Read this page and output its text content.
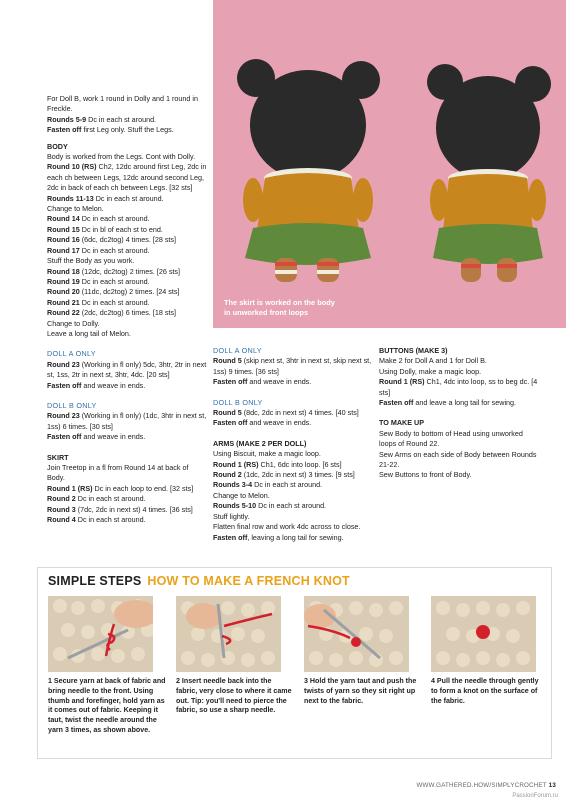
For Doll B, work 1 round in Dolly and 1 round in Freckle.

Rounds 5-9 Dc in each st around.

Fasten off first Leg only. Stuff the Legs.

BODY

Body is worked from the Legs. Cont with Dolly.

Round 10 (RS) Ch2, 12dc around first Leg, 2dc in each ch between Legs, 12dc around second Leg, 2dc in back of each ch between Legs. [32 sts]

Rounds 11-13 Dc in each st around.

Change to Melon.

Round 14 Dc in each st around.

Round 15 Dc in bl of each st to end.

Round 16 (6dc, dc2tog) 4 times. [28 sts]

Round 17 Dc in each st around.

Stuff the Body as you work.

Round 18 (12dc, dc2tog) 2 times. [26 sts]

Round 19 Dc in each st around.

Round 20 (11dc, dc2tog) 2 times. [24 sts]

Round 21 Dc in each st around.

Round 22 (2dc, dc2tog) 6 times. [18 sts]

Change to Dolly.

Leave a long tail of Melon.

DOLL A ONLY

Round 23 (Working in fl only) 5dc, 3htr, 2tr in next st, 1ss, 2tr in next st, 3htr, 4dc. [20 sts]

Fasten off and weave in ends.

DOLL B ONLY

Round 23 (Working in fl only) (1dc, 3htr in next st, 1ss) 6 times. [30 sts]

Fasten off and weave in ends.

SKIRT

Join Treetop in a fl from Round 14 at back of Body.

Round 1 (RS) Dc in each loop to end. [32 sts]

Round 2 Dc in each st around.

Round 3 (7dc, 2dc in next st) 4 times. [36 sts]

Round 4 Dc in each st around.

The skirt is worked on the body
in unworked front loops

DOLL A ONLY

Round 5 (skip next st, 3htr in next st, skip next st, 1ss) 9 times. [36 sts]

Fasten off and weave in ends.

DOLL B ONLY

Round 5 (8dc, 2dc in next st) 4 times. [40 sts]

Fasten off and weave in ends.

ARMS (MAKE 2 PER DOLL)

Using Biscuit, make a magic loop.

Round 1 (RS) Ch1, 6dc into loop. [6 sts]

Round 2 (1dc, 2dc in next st) 3 times. [9 sts]

Rounds 3-4 Dc in each st around.

Change to Melon.

Rounds 5-10 Dc in each st around.

Stuff lightly.

Flatten final row and work 4dc across to close.

Fasten off, leaving a long tail for sewing.

BUTTONS (MAKE 3)

Make 2 for Doll A and 1 for Doll B.

Using Dolly, make a magic loop.

Round 1 (RS) Ch1, 4dc into loop, ss to beg dc. [4 sts]

Fasten off and leave a long tail for sewing.

TO MAKE UP

Sew Body to bottom of Head using unworked loops of Round 22.

Sew Arms on each side of Body between Rounds 21-22.

Sew Buttons to front of Body.

SIMPLE STEPS HOW TO MAKE A FRENCH KNOT
1 Secure yarn at back of fabric and bring needle to the front. Using thumb and forefinger, hold yarn as it comes out of fabric. Keeping it taut, twist the needle around the yarn 3 times, as shown above.
2 Insert needle back into the fabric, very close to where it came out. Tip: you'll need to pierce the fabric, so use a sharp needle.
3 Hold the yarn taut and push the twists of yarn so they sit right up next to the fabric.
4 Pull the needle through gently to form a knot on the surface of the fabric.
WWW.GATHERED.HOW/SIMPLYCROCHET 13
PassionForum.ru
